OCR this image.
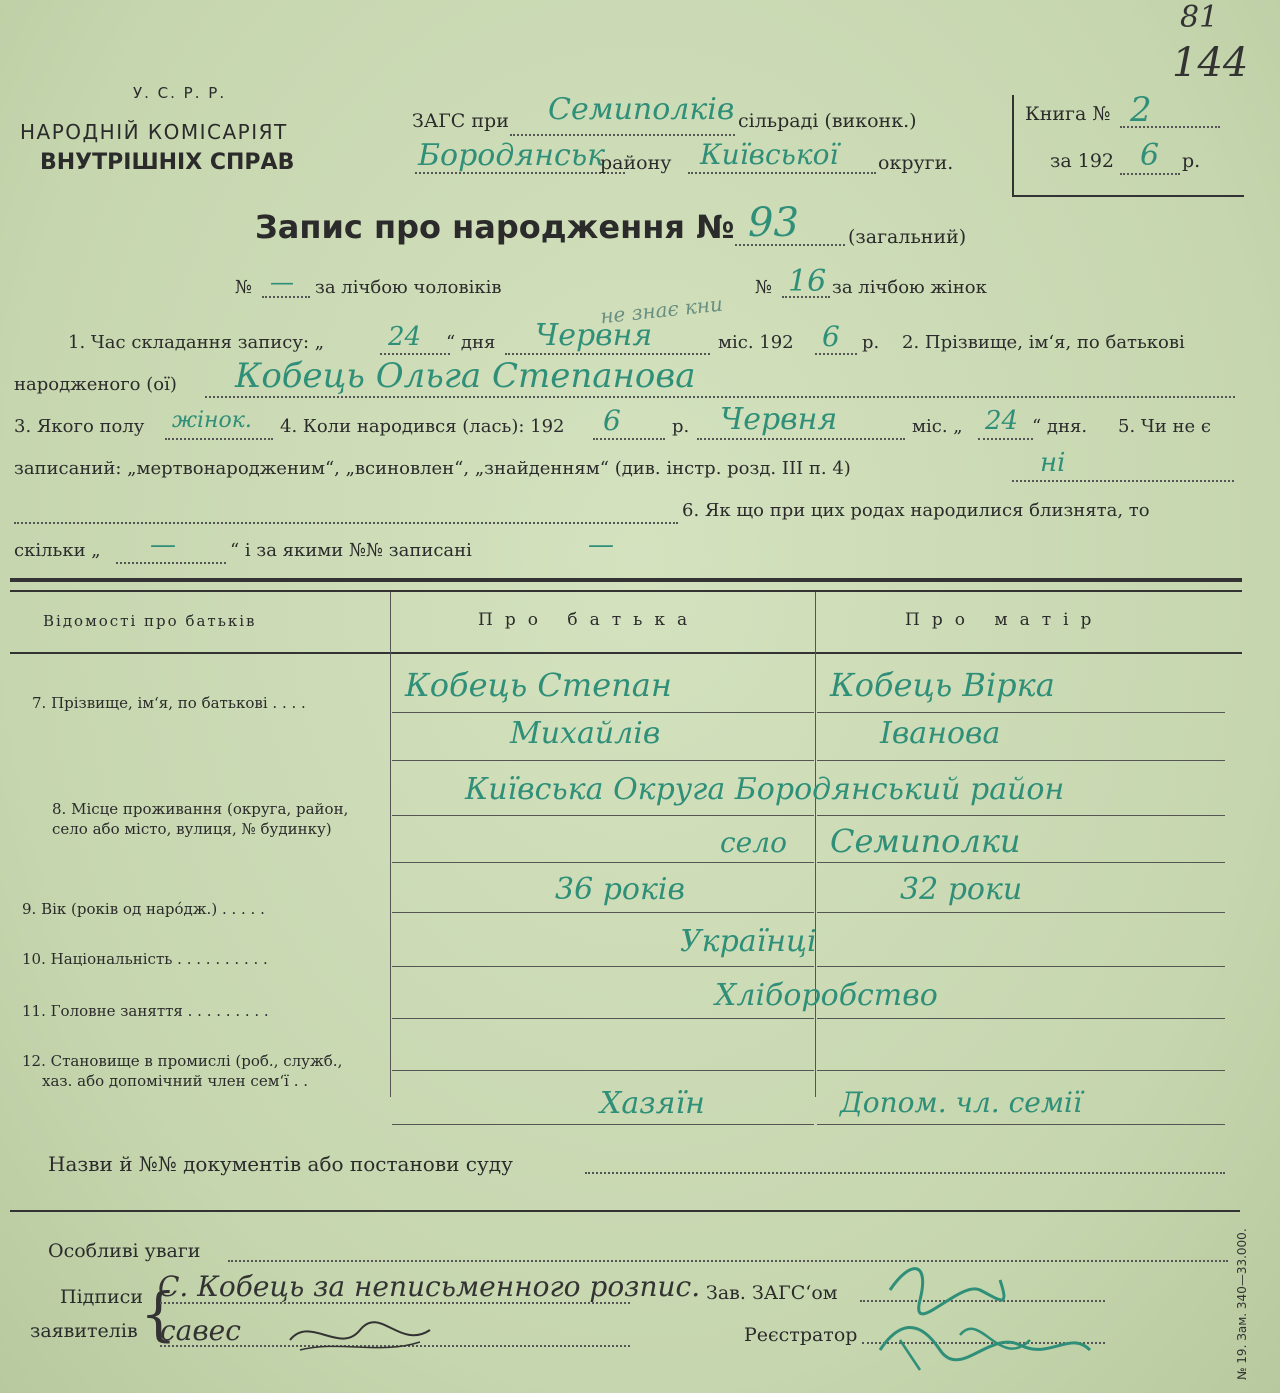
81
144
У. С. Р. Р.
НАРОДНІЙ КОМІСАРІЯТ
ВНУТРІШНІХ СПРАВ
ЗАГС при Семиполків сільраді (виконк.)
Бородянськ
району Київської округи.
Книга № 2
за 192 6 р.
Запис про народження № 93	(загальний)
№ — за лічбою чоловіків	№ 16 за лічбою жінок
не знає кни
1. Час складання запису: „ 24 “ дня Червня	міс. 192 6 р. 2. Прізвище, ім‘я, по батькові
народженого (ої) Кобець Ольга Степанова
3. Якого полу жінок. 4. Коли народився (лась): 192 6	р. Червня	міс. „ 24 “ дня. 5. Чи не є
записаний: „мертвонародженим“, „всиновлен“, „знайденням“ (див. інстр. розд. III п. 4)	ні
6. Як що при цих родах народилися близнята, то
скільки „ —	“ і за якими №№ записані	—
Відомості про батьків	Про батька	Про матір
7. Прізвище, ім‘я, по батькові . . . .	Кобець Степан	Кобець Вірка
Михайлів	Іванова
8. Місце проживання (округа, район,
село або місто, вулиця, № будинку)
Київська Округа Бородянський район
село Семиполки
9. Вік (років од нарóдж.) . . . . .
36 років	32 роки
10. Національність . . . . . . . . . .	Українці
11. Головне заняття . . . . . . . . .	Хліборобство
12. Становище в промислі (роб., служб.,
хаз. або допомічний член сем‘ї . .
Хазяїн	Допом. чл. семії
Назви й №№ документів або постанови суду
Особливі уваги
Підписи
заявителів {
С. Кобець за неписьменного розпис.
савес
Зав. ЗАГС‘ом
Реєстратор	№ 19. Зам. 340—33.000.
